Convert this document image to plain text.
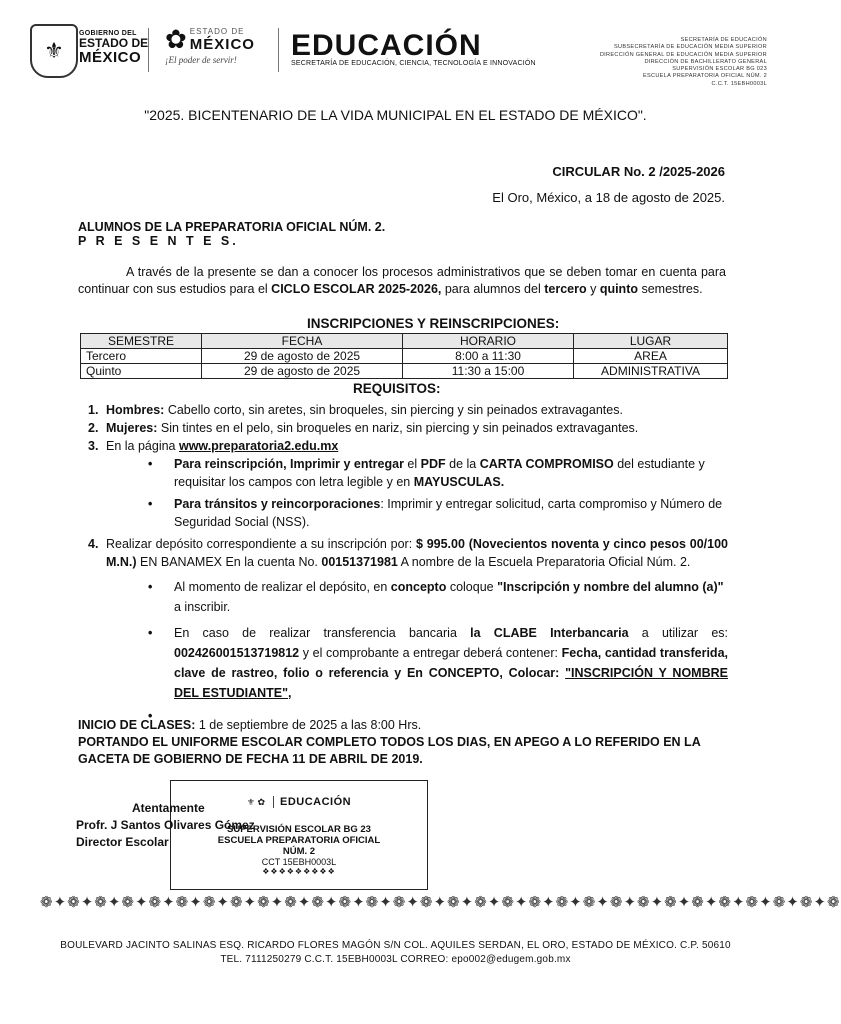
⚜
GOBIERNO DEL
ESTADO DE
MÉXICO
✿ ESTADO DE
MÉXICO
¡El poder de servir!	EDUCACIÓN
SECRETARÍA DE EDUCACIÓN, CIENCIA, TECNOLOGÍA E INNOVACIÓN
SECRETARÍA DE EDUCACIÓN
SUBSECRETARÍA DE EDUCACIÓN MEDIA SUPERIOR
DIRECCIÓN GENERAL DE EDUCACIÓN MEDIA SUPERIOR
DIRECCIÓN DE BACHILLERATO GENERAL
SUPERVISIÓN ESCOLAR BG 023
ESCUELA PREPARATORIA OFICIAL NÚM. 2
C.C.T. 15EBH0003L
"2025. BICENTENARIO DE LA VIDA MUNICIPAL EN EL ESTADO DE MÉXICO".
CIRCULAR No. 2 /2025-2026
El Oro, México, a 18 de agosto de 2025.
ALUMNOS DE LA PREPARATORIA OFICIAL NÚM. 2.
P R E S E N T E S.
A través de la presente se dan a conocer los procesos administrativos que se deben tomar en cuenta para continuar con sus estudios para el CICLO ESCOLAR 2025-2026, para alumnos del tercero y quinto semestres.
INSCRIPCIONES Y REINSCRIPCIONES:
SEMESTRE	FECHA	HORARIO	LUGAR
Tercero	29 de agosto de 2025	8:00 a 11:30	AREA
Quinto	29 de agosto de 2025	11:30 a 15:00	ADMINISTRATIVA
REQUISITOS:
1. Hombres: Cabello corto, sin aretes, sin broqueles, sin piercing y sin peinados extravagantes.
2. Mujeres: Sin tintes en el pelo, sin broqueles en nariz, sin piercing y sin peinados extravagantes.
3. En la página www.preparatoria2.edu.mx
• Para reinscripción, Imprimir y entregar el PDF de la CARTA COMPROMISO del estudiante y requisitar los campos con letra legible y en MAYUSCULAS.
• Para tránsitos y reincorporaciones: Imprimir y entregar solicitud, carta compromiso y Número de Seguridad Social (NSS).
4. Realizar depósito correspondiente a su inscripción por: $ 995.00 (Novecientos noventa y cinco pesos 00/100 M.N.) EN BANAMEX En la cuenta No. 00151371981 A nombre de la Escuela Preparatoria Oficial Núm. 2.
• Al momento de realizar el depósito, en concepto coloque "Inscripción y nombre del alumno (a)" a inscribir.
• En caso de realizar transferencia bancaria la CLABE Interbancaria a utilizar es: 002426001513719812 y el comprobante a entregar deberá contener: Fecha, cantidad transferida, clave de rastreo, folio o referencia y En CONCEPTO, Colocar: "INSCRIPCIÓN Y NOMBRE DEL ESTUDIANTE",
•
INICIO DE CLASES: 1 de septiembre de 2025 a las 8:00 Hrs.
PORTANDO EL UNIFORME ESCOLAR COMPLETO TODOS LOS DIAS, EN APEGO A LO REFERIDO EN LA GACETA DE GOBIERNO DE FECHA 11 DE ABRIL DE 2019.
⚜ ✿	EDUCACIÓN
SUPERVISIÓN ESCOLAR BG 23
ESCUELA PREPARATORIA OFICIAL
NÚM. 2
CCT 15EBH0003L
❖❖❖❖❖❖❖❖❖
Atentamente
Profr. J Santos Olivares Gómez
Director Escolar
❁✦❁✦❁✦❁✦❁✦❁✦❁✦❁✦❁✦❁✦❁✦❁✦❁✦❁✦❁✦❁✦❁✦❁✦❁✦❁✦❁✦❁✦❁✦❁✦❁✦❁✦❁✦❁✦❁✦❁
BOULEVARD JACINTO SALINAS ESQ. RICARDO FLORES MAGÓN S/N COL. AQUILES SERDAN, EL ORO, ESTADO DE MÉXICO. C.P. 50610
TEL. 7111250279 C.C.T. 15EBH0003L CORREO: epo002@edugem.gob.mx
